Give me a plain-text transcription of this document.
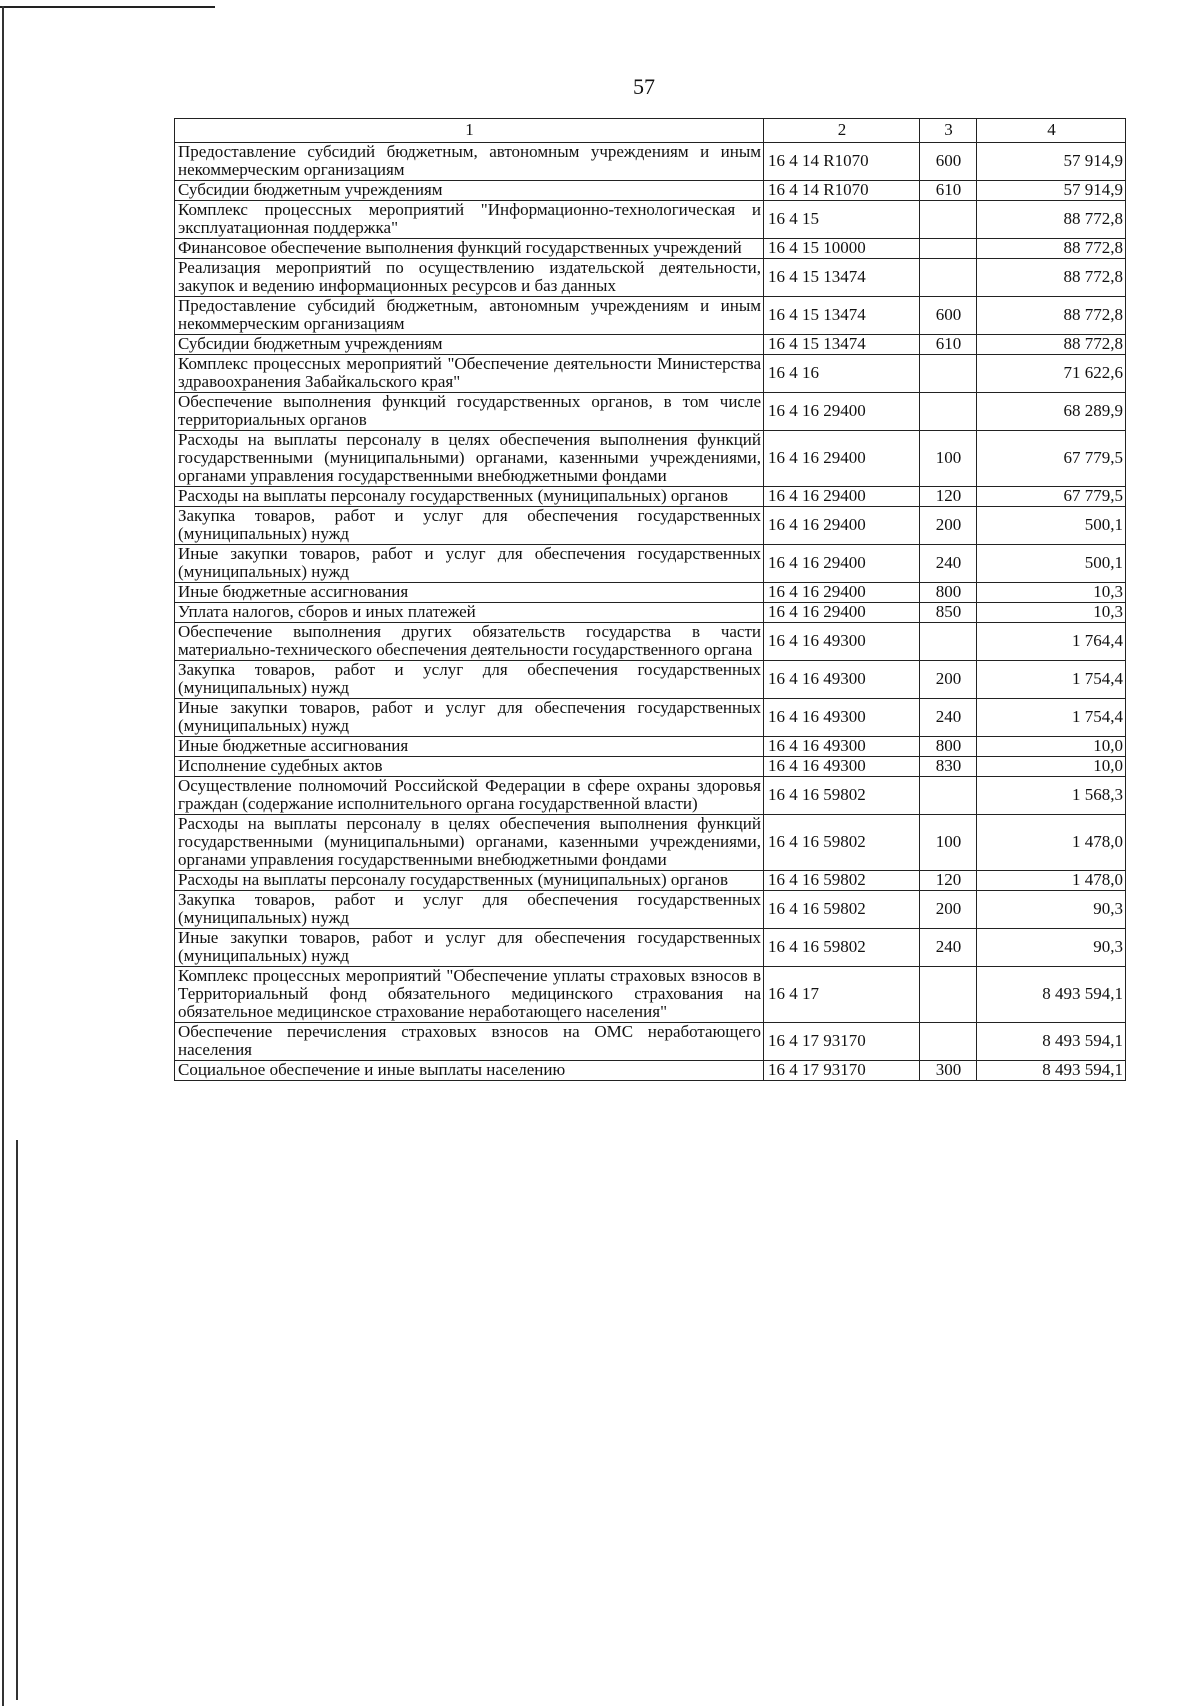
57
1	2	3	4
Предоставление субсидий бюджетным, автономным учреждениям и иным некоммерческим организациям	16 4 14 R1070	600	57 914,9
Субсидии бюджетным учреждениям	16 4 14 R1070	610	57 914,9
Комплекс процессных мероприятий "Информационно-технологическая и эксплуатационная поддержка"	16 4 15		88 772,8
Финансовое обеспечение выполнения функций государственных учреждений	16 4 15 10000		88 772,8
Реализация мероприятий по осуществлению издательской деятельности, закупок и ведению информационных ресурсов и баз данных	16 4 15 13474		88 772,8
Предоставление субсидий бюджетным, автономным учреждениям и иным некоммерческим организациям	16 4 15 13474	600	88 772,8
Субсидии бюджетным учреждениям	16 4 15 13474	610	88 772,8
Комплекс процессных мероприятий "Обеспечение деятельности Министерства здравоохранения Забайкальского края"	16 4 16		71 622,6
Обеспечение выполнения функций государственных органов, в том числе территориальных органов	16 4 16 29400		68 289,9
Расходы на выплаты персоналу в целях обеспечения выполнения функций государственными (муниципальными) органами, казенными учреждениями, органами управления государственными внебюджетными фондами	16 4 16 29400	100	67 779,5
Расходы на выплаты персоналу государственных (муниципальных) органов	16 4 16 29400	120	67 779,5
Закупка товаров, работ и услуг для обеспечения государственных (муниципальных) нужд	16 4 16 29400	200	500,1
Иные закупки товаров, работ и услуг для обеспечения государственных (муниципальных) нужд	16 4 16 29400	240	500,1
Иные бюджетные ассигнования	16 4 16 29400	800	10,3
Уплата налогов, сборов и иных платежей	16 4 16 29400	850	10,3
Обеспечение выполнения других обязательств государства в части материально-технического обеспечения деятельности государственного органа	16 4 16 49300		1 764,4
Закупка товаров, работ и услуг для обеспечения государственных (муниципальных) нужд	16 4 16 49300	200	1 754,4
Иные закупки товаров, работ и услуг для обеспечения государственных (муниципальных) нужд	16 4 16 49300	240	1 754,4
Иные бюджетные ассигнования	16 4 16 49300	800	10,0
Исполнение судебных актов	16 4 16 49300	830	10,0
Осуществление полномочий Российской Федерации в сфере охраны здоровья граждан (содержание исполнительного органа государственной власти)	16 4 16 59802		1 568,3
Расходы на выплаты персоналу в целях обеспечения выполнения функций государственными (муниципальными) органами, казенными учреждениями, органами управления государственными внебюджетными фондами	16 4 16 59802	100	1 478,0
Расходы на выплаты персоналу государственных (муниципальных) органов	16 4 16 59802	120	1 478,0
Закупка товаров, работ и услуг для обеспечения государственных (муниципальных) нужд	16 4 16 59802	200	90,3
Иные закупки товаров, работ и услуг для обеспечения государственных (муниципальных) нужд	16 4 16 59802	240	90,3
Комплекс процессных мероприятий "Обеспечение уплаты страховых взносов в Территориальный фонд обязательного медицинского страхования на обязательное медицинское страхование неработающего населения"	16 4 17		8 493 594,1
Обеспечение перечисления страховых взносов на ОМС неработающего населения	16 4 17 93170		8 493 594,1
Социальное обеспечение и иные выплаты населению	16 4 17 93170	300	8 493 594,1
